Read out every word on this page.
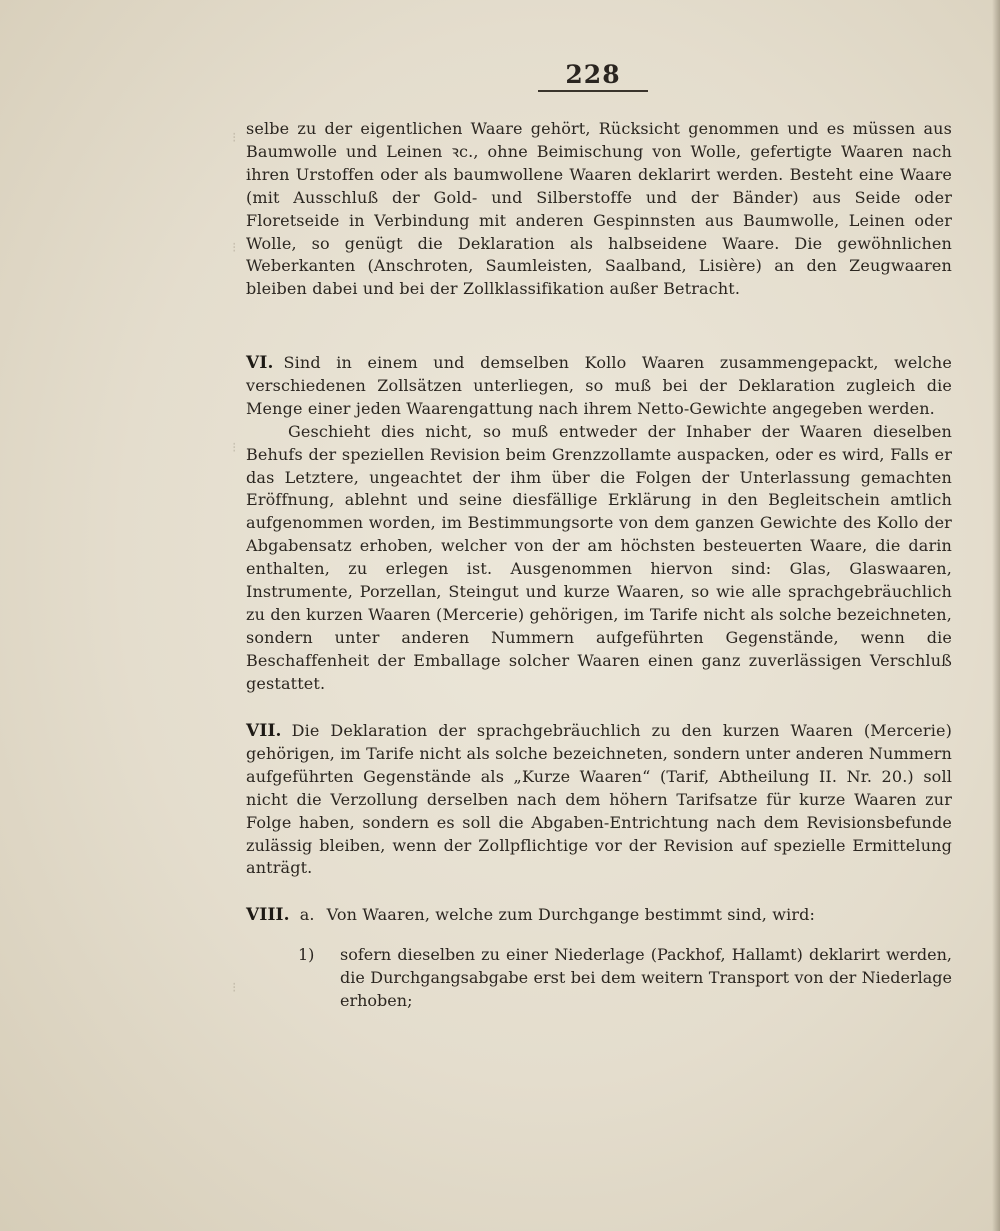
228
⁝
⁝
⁝
⁝

selbe zu der eigentlichen Waare gehört, Rücksicht genommen und es müssen aus Baumwolle und Leinen ꝛc., ohne Beimischung von Wolle, gefertigte Waaren nach ihren Urstoffen oder als baumwollene Waaren deklarirt werden. Besteht eine Waare (mit Ausschluß der Gold- und Silberstoffe und der Bänder) aus Seide oder Floretseide in Verbindung mit anderen Gespinnsten aus Baumwolle, Leinen oder Wolle, so genügt die Deklaration als halbseidene Waare. Die gewöhnlichen Weberkanten (Anschroten, Saumleisten, Saalband, Lisière) an den Zeugwaaren bleiben dabei und bei der Zollklassifikation außer Betracht.

VI. Sind in einem und demselben Kollo Waaren zusammengepackt, welche verschiedenen Zollsätzen unterliegen, so muß bei der Deklaration zugleich die Menge einer jeden Waarengattung nach ihrem Netto-Gewichte angegeben werden.

Geschieht dies nicht, so muß entweder der Inhaber der Waaren dieselben Behufs der speziellen Revision beim Grenzzollamte auspacken, oder es wird, Falls er das Letztere, ungeachtet der ihm über die Folgen der Unterlassung gemachten Eröffnung, ablehnt und seine diesfällige Erklärung in den Begleitschein amtlich aufgenommen worden, im Bestimmungsorte von dem ganzen Gewichte des Kollo der Abgabensatz erhoben, welcher von der am höchsten besteuerten Waare, die darin enthalten, zu erlegen ist. Ausgenommen hiervon sind: Glas, Glaswaaren, Instrumente, Porzellan, Steingut und kurze Waaren, so wie alle sprachgebräuchlich zu den kurzen Waaren (Mercerie) gehörigen, im Tarife nicht als solche bezeichneten, sondern unter anderen Nummern aufgeführten Gegenstände, wenn die Beschaffenheit der Emballage solcher Waaren einen ganz zuverlässigen Verschluß gestattet.

VII. Die Deklaration der sprachgebräuchlich zu den kurzen Waaren (Mercerie) gehörigen, im Tarife nicht als solche bezeichneten, sondern unter anderen Nummern aufgeführten Gegenstände als „Kurze Waaren“ (Tarif, Abtheilung II. Nr. 20.) soll nicht die Verzollung derselben nach dem höhern Tarifsatze für kurze Waaren zur Folge haben, sondern es soll die Abgaben-Entrichtung nach dem Revisionsbefunde zulässig bleiben, wenn der Zollpflichtige vor der Revision auf spezielle Ermittelung anträgt.

VIII. a. Von Waaren, welche zum Durchgange bestimmt sind, wird:

1) sofern dieselben zu einer Niederlage (Packhof, Hallamt) deklarirt werden, die Durchgangsabgabe erst bei dem weitern Transport von der Niederlage erhoben;
